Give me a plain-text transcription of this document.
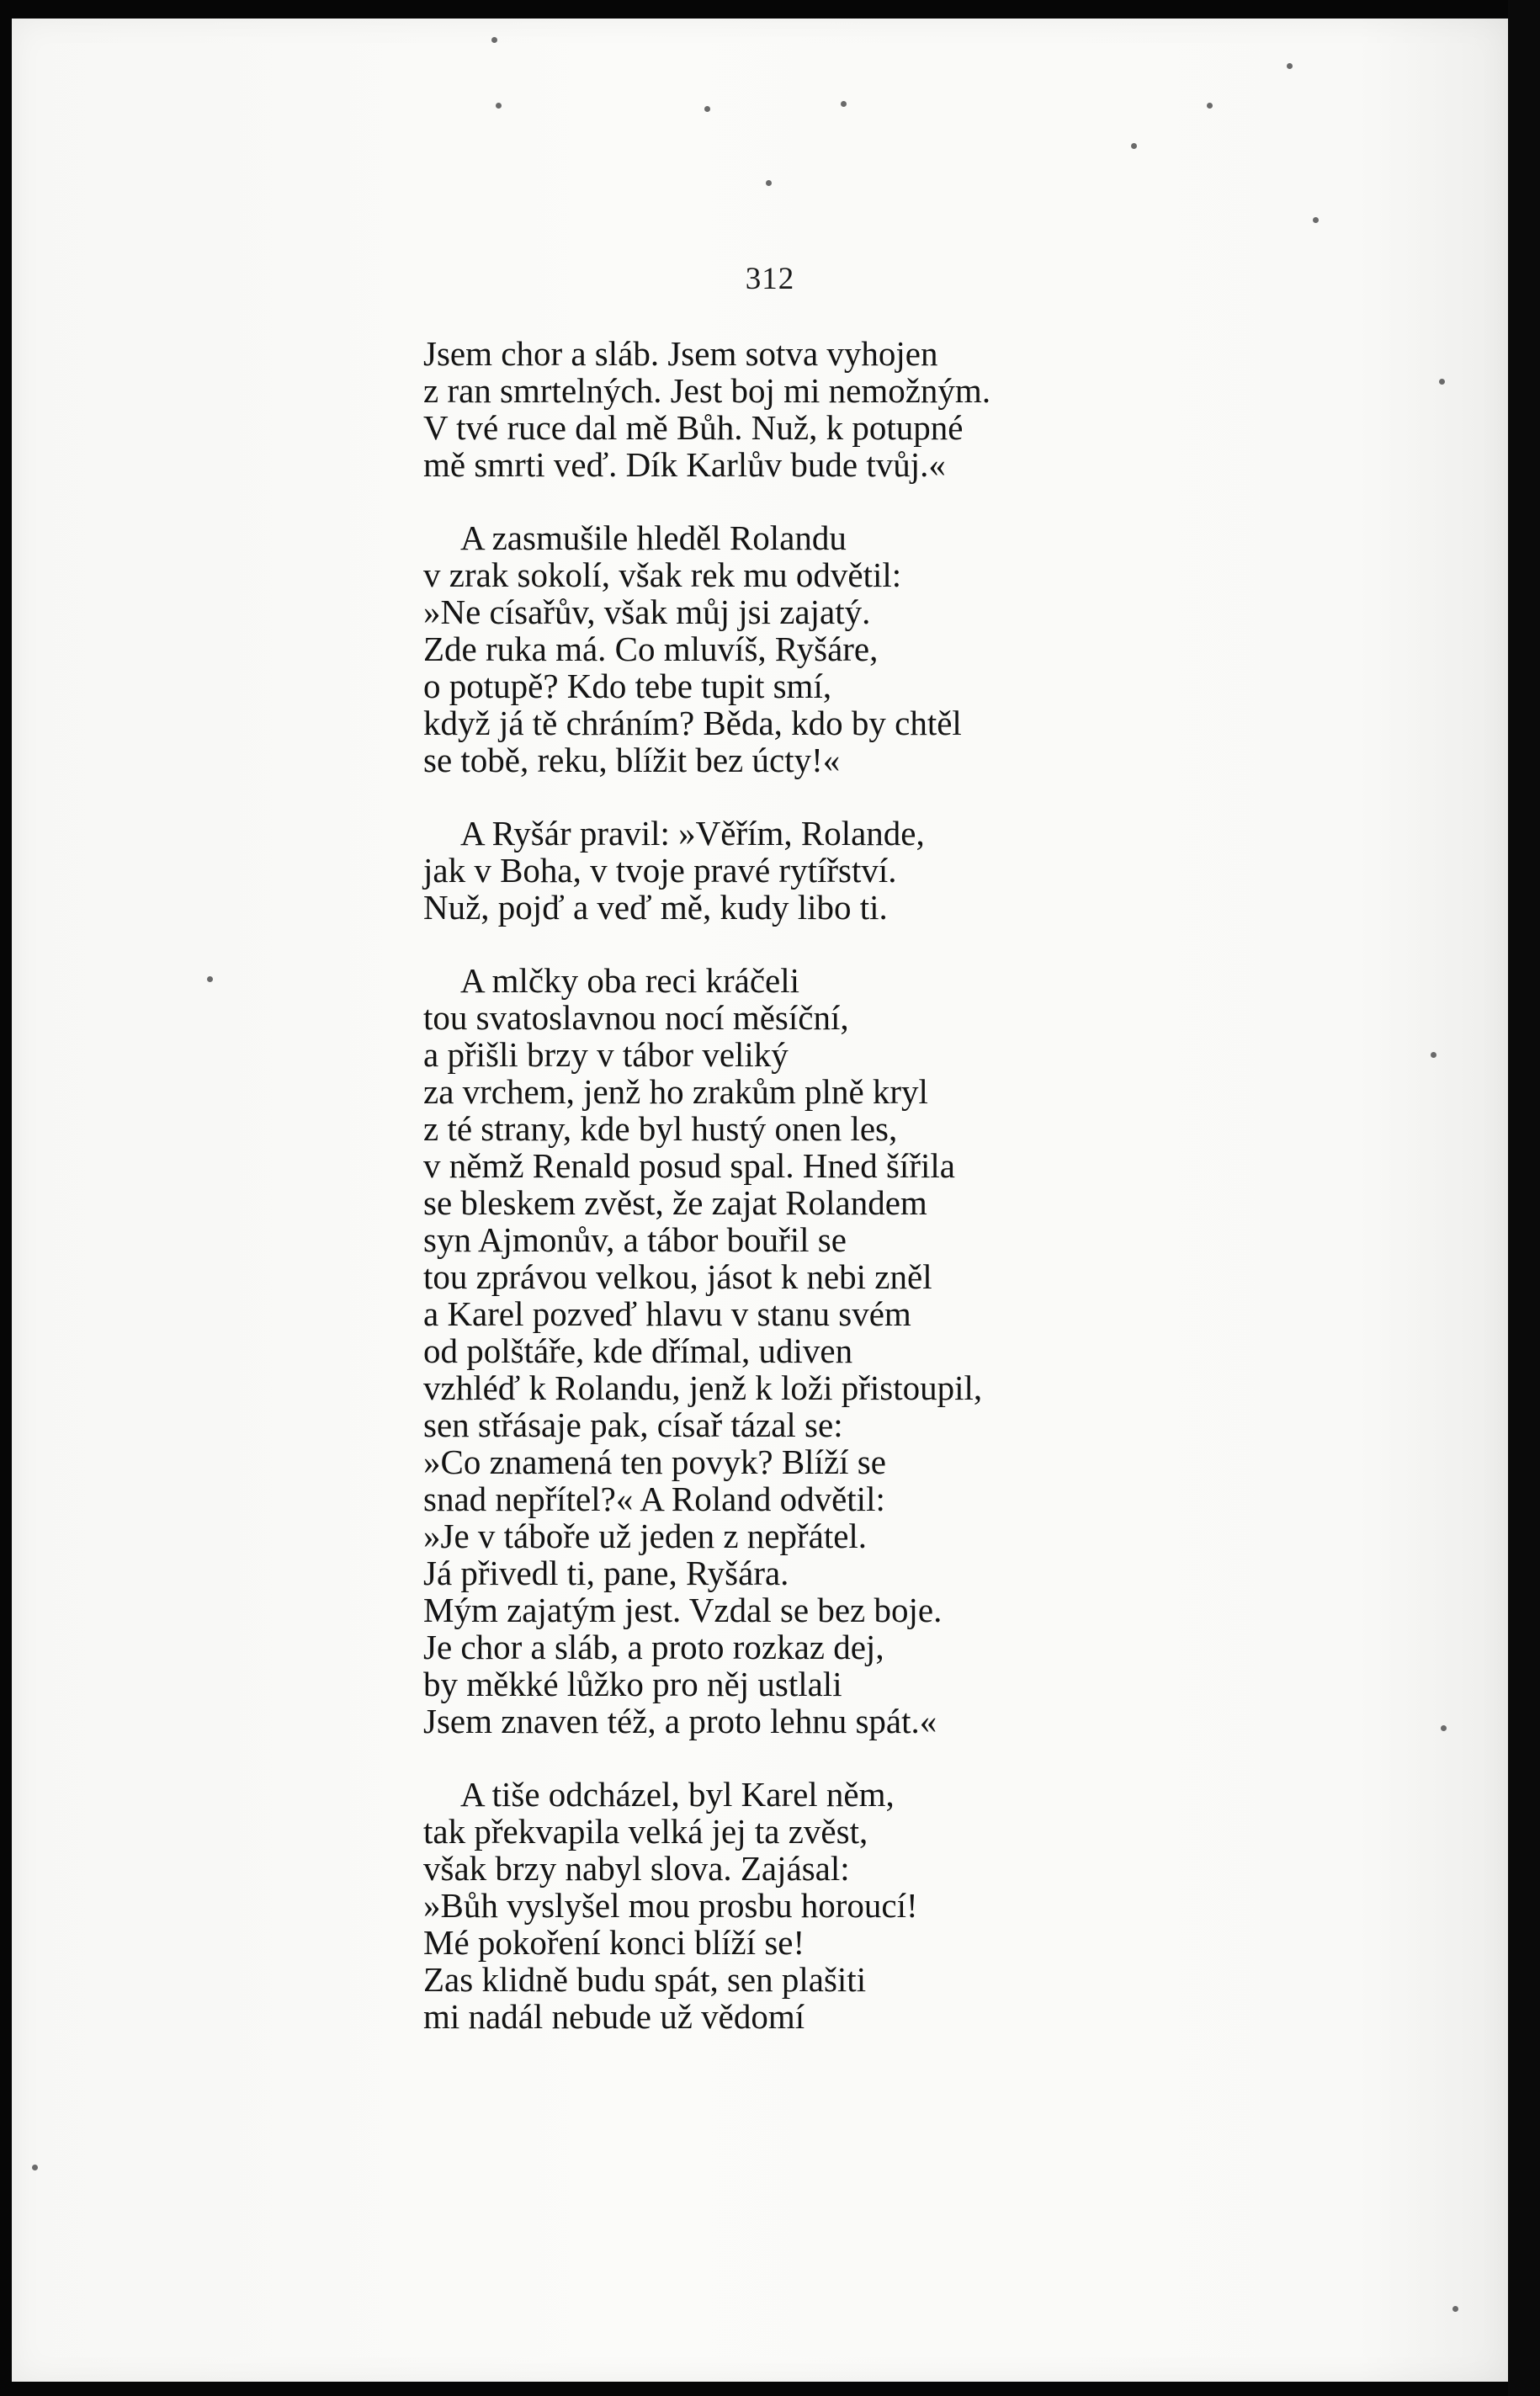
312
Jsem chor a sláb. Jsem sotva vyhojen
z ran smrtelných. Jest boj mi nemožným.
V tvé ruce dal mě Bůh. Nuž, k potupné
mě smrti veď. Dík Karlův bude tvůj.«
A zasmušile hleděl Rolandu
v zrak sokolí, však rek mu odvětil:
»Ne císařův, však můj jsi zajatý.
Zde ruka má. Co mluvíš, Ryšáre,
o potupě? Kdo tebe tupit smí,
když já tě chráním? Běda, kdo by chtěl
se tobě, reku, blížit bez úcty!«
A Ryšár pravil: »Věřím, Rolande,
jak v Boha, v tvoje pravé rytířství.
Nuž, pojď a veď mě, kudy libo ti.
A mlčky oba reci kráčeli
tou svatoslavnou nocí měsíční,
a přišli brzy v tábor veliký
za vrchem, jenž ho zrakům plně kryl
z té strany, kde byl hustý onen les,
v němž Renald posud spal. Hned šířila
se bleskem zvěst, že zajat Rolandem
syn Ajmonův, a tábor bouřil se
tou zprávou velkou, jásot k nebi zněl
a Karel pozveď hlavu v stanu svém
od polštáře, kde dřímal, udiven
vzhléď k Rolandu, jenž k loži přistoupil,
sen střásaje pak, císař tázal se:
»Co znamená ten povyk? Blíží se
snad nepřítel?« A Roland odvětil:
»Je v táboře už jeden z nepřátel.
Já přivedl ti, pane, Ryšára.
Mým zajatým jest. Vzdal se bez boje.
Je chor a sláb, a proto rozkaz dej,
by měkké lůžko pro něj ustlali
Jsem znaven též, a proto lehnu spát.«
A tiše odcházel, byl Karel něm,
tak překvapila velká jej ta zvěst,
však brzy nabyl slova. Zajásal:
»Bůh vyslyšel mou prosbu horoucí!
Mé pokoření konci blíží se!
Zas klidně budu spát, sen plašiti
mi nadál nebude už vědomí
